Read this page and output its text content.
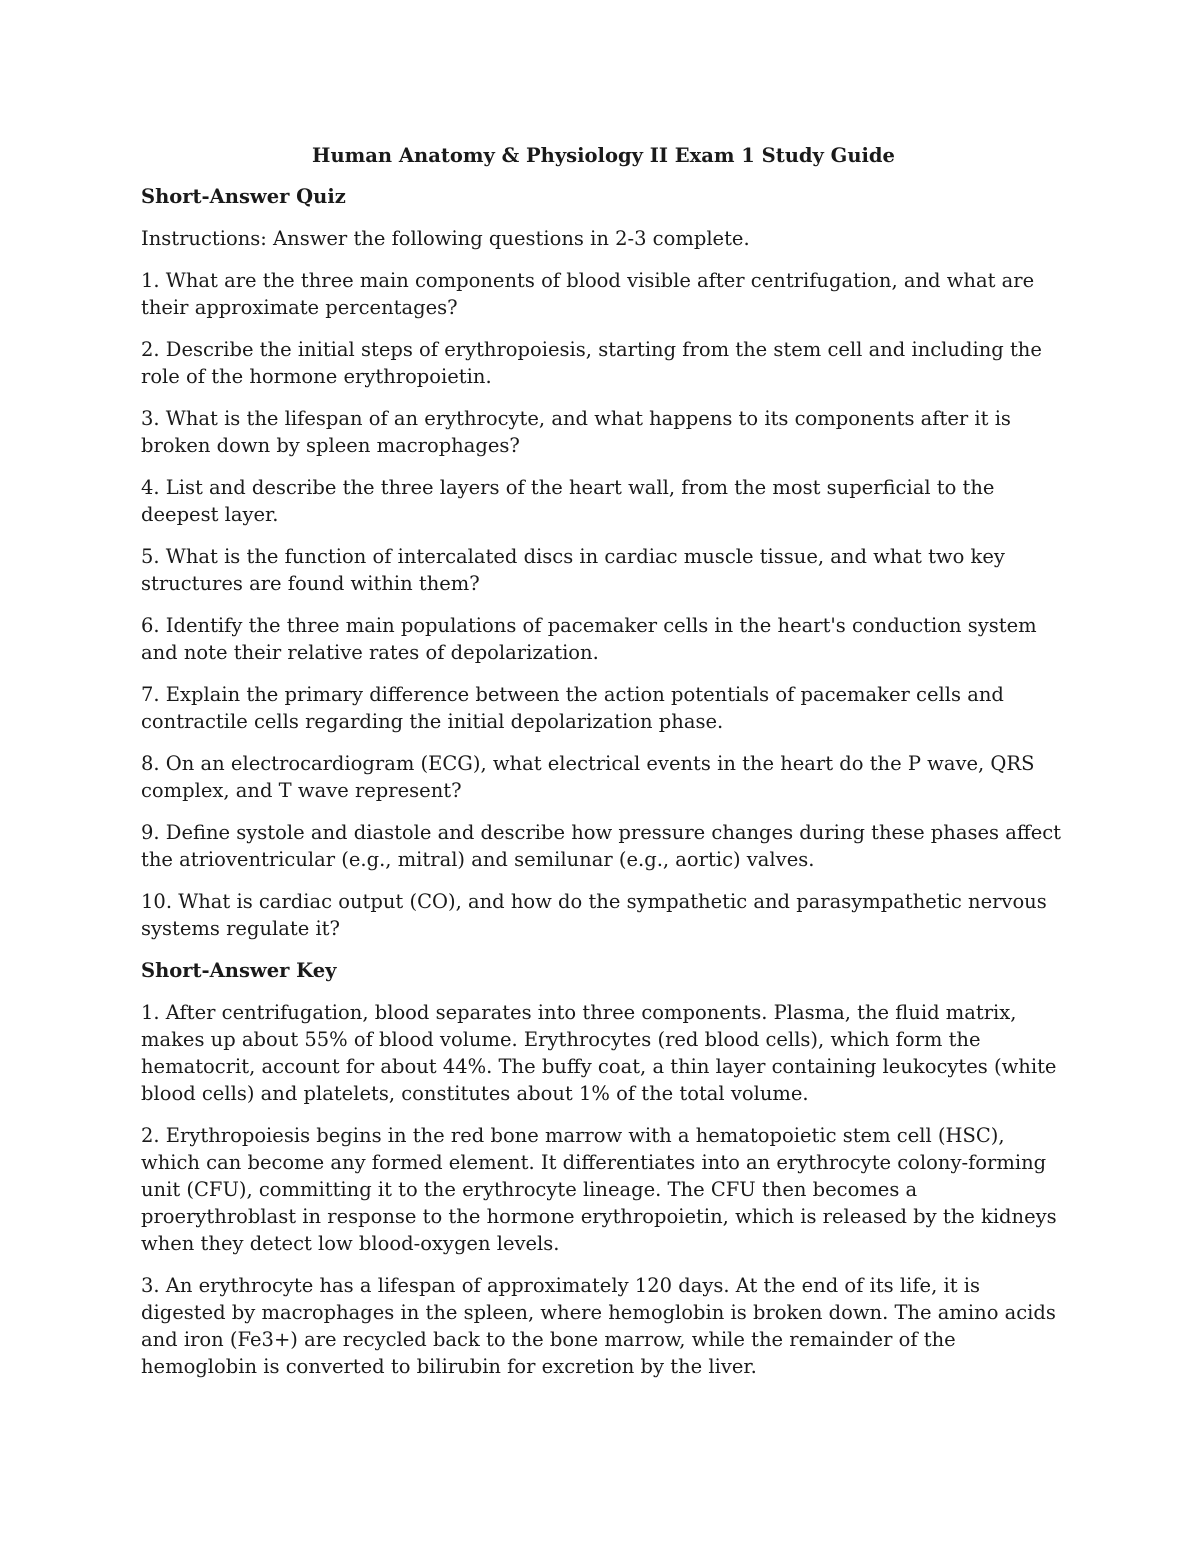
Human Anatomy & Physiology II Exam 1 Study Guide
Short-Answer Quiz
Instructions: Answer the following questions in 2-3 complete.
1. What are the three main components of blood visible after centrifugation, and what are their approximate percentages?
2. Describe the initial steps of erythropoiesis, starting from the stem cell and including the role of the hormone erythropoietin.
3. What is the lifespan of an erythrocyte, and what happens to its components after it is broken down by spleen macrophages?
4. List and describe the three layers of the heart wall, from the most superficial to the deepest layer.
5. What is the function of intercalated discs in cardiac muscle tissue, and what two key structures are found within them?
6. Identify the three main populations of pacemaker cells in the heart's conduction system and note their relative rates of depolarization.
7. Explain the primary difference between the action potentials of pacemaker cells and contractile cells regarding the initial depolarization phase.
8. On an electrocardiogram (ECG), what electrical events in the heart do the P wave, QRS complex, and T wave represent?
9. Define systole and diastole and describe how pressure changes during these phases affect the atrioventricular (e.g., mitral) and semilunar (e.g., aortic) valves.
10. What is cardiac output (CO), and how do the sympathetic and parasympathetic nervous systems regulate it?
Short-Answer Key
1. After centrifugation, blood separates into three components. Plasma, the fluid matrix, makes up about 55% of blood volume. Erythrocytes (red blood cells), which form the hematocrit, account for about 44%. The buffy coat, a thin layer containing leukocytes (white blood cells) and platelets, constitutes about 1% of the total volume.
2. Erythropoiesis begins in the red bone marrow with a hematopoietic stem cell (HSC), which can become any formed element. It differentiates into an erythrocyte colony-forming unit (CFU), committing it to the erythrocyte lineage. The CFU then becomes a proerythroblast in response to the hormone erythropoietin, which is released by the kidneys when they detect low blood-oxygen levels.
3. An erythrocyte has a lifespan of approximately 120 days. At the end of its life, it is digested by macrophages in the spleen, where hemoglobin is broken down. The amino acids and iron (Fe3+) are recycled back to the bone marrow, while the remainder of the hemoglobin is converted to bilirubin for excretion by the liver.
